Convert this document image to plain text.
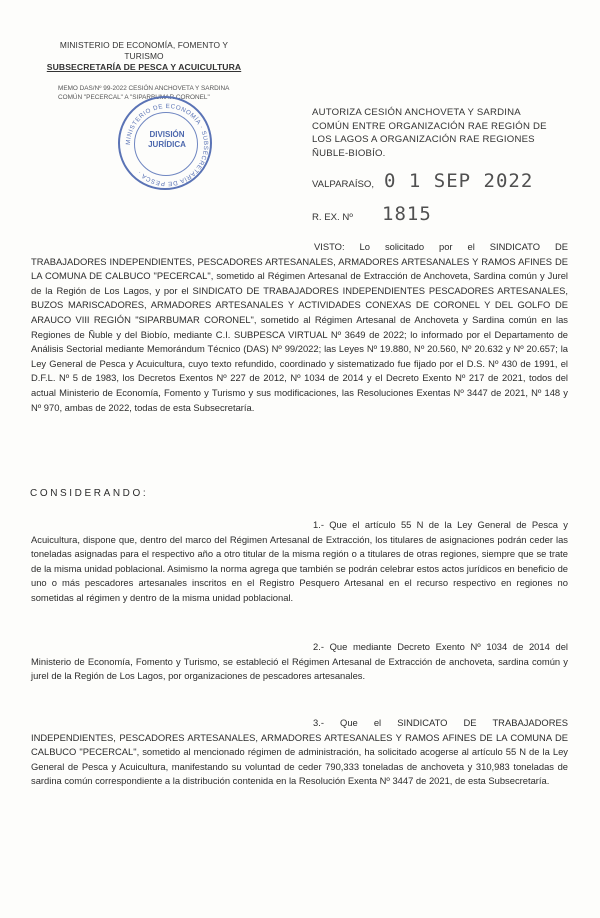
MINISTERIO DE ECONOMÍA, FOMENTO Y
TURISMO
SUBSECRETARÍA DE PESCA Y ACUICULTURA
MEMO DAS/Nº 99-2022 CESIÓN ANCHOVETA Y SARDINA
COMÚN "PECERCAL" A "SIPARBUMAR CORONEL"
MINISTERIO DE ECONOMÍA · SUBSECRETARÍA DE PESCA ·
DIVISIÓN
JURÍDICA
AUTORIZA CESIÓN ANCHOVETA Y SARDINA COMÚN ENTRE ORGANIZACIÓN RAE REGIÓN DE LOS LAGOS A ORGANIZACIÓN RAE REGIONES ÑUBLE-BIOBÍO.
VALPARAÍSO, 0 1 SEP 2022
R. EX. Nº 1815
VISTO: Lo solicitado por el SINDICATO DE TRABAJADORES INDEPENDIENTES, PESCADORES ARTESANALES, ARMADORES ARTESANALES Y RAMOS AFINES DE LA COMUNA DE CALBUCO "PECERCAL", sometido al Régimen Artesanal de Extracción de Anchoveta, Sardina común y Jurel de la Región de Los Lagos, y por el SINDICATO DE TRABAJADORES INDEPENDIENTES PESCADORES ARTESANALES, BUZOS MARISCADORES, ARMADORES ARTESANALES Y ACTIVIDADES CONEXAS DE CORONEL Y DEL GOLFO DE ARAUCO VIII REGIÓN "SIPARBUMAR CORONEL", sometido al Régimen Artesanal de Anchoveta y Sardina común en las Regiones de Ñuble y del Biobío, mediante C.I. SUBPESCA VIRTUAL Nº 3649 de 2022; lo informado por el Departamento de Análisis Sectorial mediante Memorándum Técnico (DAS) Nº 99/2022; las Leyes Nº 19.880, Nº 20.560, Nº 20.632 y Nº 20.657; la Ley General de Pesca y Acuicultura, cuyo texto refundido, coordinado y sistematizado fue fijado por el D.S. Nº 430 de 1991, el D.F.L. Nº 5 de 1983, los Decretos Exentos Nº 227 de 2012, Nº 1034 de 2014 y el Decreto Exento Nº 217 de 2021, todos del actual Ministerio de Economía, Fomento y Turismo y sus modificaciones, las Resoluciones Exentas Nº 3447 de 2021, Nº 148 y Nº 970, ambas de 2022, todas de esta Subsecretaría.
CONSIDERANDO:
1.- Que el artículo 55 N de la Ley General de Pesca y Acuicultura, dispone que, dentro del marco del Régimen Artesanal de Extracción, los titulares de asignaciones podrán ceder las toneladas asignadas para el respectivo año a otro titular de la misma región o a titulares de otras regiones, siempre que se trate de la misma unidad poblacional. Asimismo la norma agrega que también se podrán celebrar estos actos jurídicos en beneficio de uno o más pescadores artesanales inscritos en el Registro Pesquero Artesanal en el recurso respectivo en regiones no sometidas al régimen y dentro de la misma unidad poblacional.
2.- Que mediante Decreto Exento Nº 1034 de 2014 del Ministerio de Economía, Fomento y Turismo, se estableció el Régimen Artesanal de Extracción de anchoveta, sardina común y jurel de la Región de Los Lagos, por organizaciones de pescadores artesanales.
3.- Que el SINDICATO DE TRABAJADORES INDEPENDIENTES, PESCADORES ARTESANALES, ARMADORES ARTESANALES Y RAMOS AFINES DE LA COMUNA DE CALBUCO "PECERCAL", sometido al mencionado régimen de administración, ha solicitado acogerse al artículo 55 N de la Ley General de Pesca y Acuicultura, manifestando su voluntad de ceder 790,333 toneladas de anchoveta y 310,983 toneladas de sardina común correspondiente a la distribución contenida en la Resolución Exenta Nº 3447 de 2021, de esta Subsecretaría.
